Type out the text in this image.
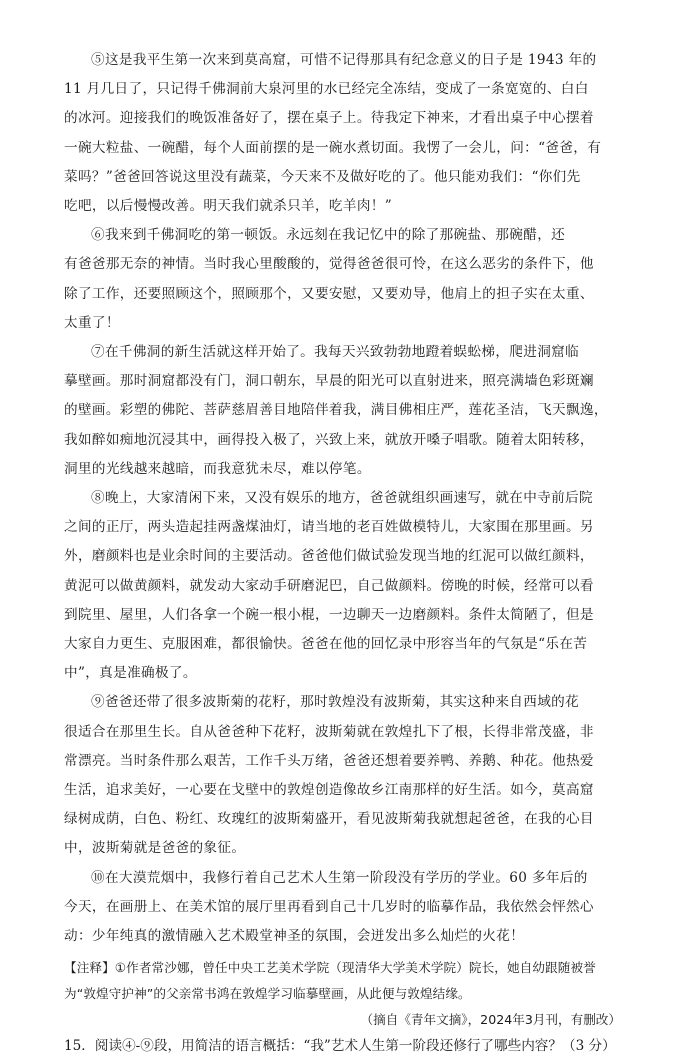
⑤这是我平生第一次来到莫高窟，可惜不记得那具有纪念意义的日子是 1943 年的
11 月几日了，只记得千佛洞前大泉河里的水已经完全冻结，变成了一条宽宽的、白白
的冰河。迎接我们的晚饭准备好了，摆在桌子上。待我定下神来，才看出桌子中心摆着
一碗大粒盐、一碗醋，每个人面前摆的是一碗水煮切面。我愣了一会儿，问：“爸爸，有
菜吗？”爸爸回答说这里没有蔬菜，今天来不及做好吃的了。他只能劝我们：“你们先
吃吧，以后慢慢改善。明天我们就杀只羊，吃羊肉！”
⑥我来到千佛洞吃的第一顿饭。永远刻在我记忆中的除了那碗盐、那碗醋，还
有爸爸那无奈的神情。当时我心里酸酸的，觉得爸爸很可怜，在这么恶劣的条件下，他
除了工作，还要照顾这个，照顾那个，又要安慰，又要劝导，他肩上的担子实在太重、
太重了！
⑦在千佛洞的新生活就这样开始了。我每天兴致勃勃地蹬着蜈蚣梯，爬进洞窟临
摹壁画。那时洞窟都没有门，洞口朝东，早晨的阳光可以直射进来，照亮满墙色彩斑斓
的壁画。彩塑的佛陀、菩萨慈眉善目地陪伴着我，满目佛相庄严，莲花圣洁，飞天飘逸，
我如醉如痴地沉浸其中，画得投入极了，兴致上来，就放开嗓子唱歌。随着太阳转移，
洞里的光线越来越暗，而我意犹未尽，难以停笔。
⑧晚上，大家清闲下来，又没有娱乐的地方，爸爸就组织画速写，就在中寺前后院
之间的正厅，两头造起挂两盏煤油灯，请当地的老百姓做模特儿，大家围在那里画。另
外，磨颜料也是业余时间的主要活动。爸爸他们做试验发现当地的红泥可以做红颜料，
黄泥可以做黄颜料，就发动大家动手研磨泥巴，自己做颜料。傍晚的时候，经常可以看
到院里、屋里，人们各拿一个碗一根小棍，一边聊天一边磨颜料。条件太简陋了，但是
大家自力更生、克服困难，都很愉快。爸爸在他的回忆录中形容当年的气氛是“乐在苦
中”，真是准确极了。
⑨爸爸还带了很多波斯菊的花籽，那时敦煌没有波斯菊，其实这种来自西域的花
很适合在那里生长。自从爸爸种下花籽，波斯菊就在敦煌扎下了根，长得非常茂盛，非
常漂亮。当时条件那么艰苦，工作千头万绪，爸爸还想着要养鸭、养鹅、种花。他热爱
生活，追求美好，一心要在戈壁中的敦煌创造像故乡江南那样的好生活。如今，莫高窟
绿树成荫，白色、粉红、玫瑰红的波斯菊盛开，看见波斯菊我就想起爸爸，在我的心目
中，波斯菊就是爸爸的象征。
⑩在大漠荒烟中，我修行着自己艺术人生第一阶段没有学历的学业。60 多年后的
今天，在画册上、在美术馆的展厅里再看到自己十几岁时的临摹作品，我依然会怦然心
动：少年纯真的激情融入艺术殿堂神圣的氛围，会迸发出多么灿烂的火花！
【注释】①作者常沙娜，曾任中央工艺美术学院（现清华大学美术学院）院长，她自幼跟随被誉
为“敦煌守护神”的父亲常书鸿在敦煌学习临摹壁画，从此便与敦煌结缘。
（摘自《青年文摘》，2024年3月刊，有删改）
15．阅读④-⑨段，用简洁的语言概括：“我”艺术人生第一阶段还修行了哪些内容？（3 分）
